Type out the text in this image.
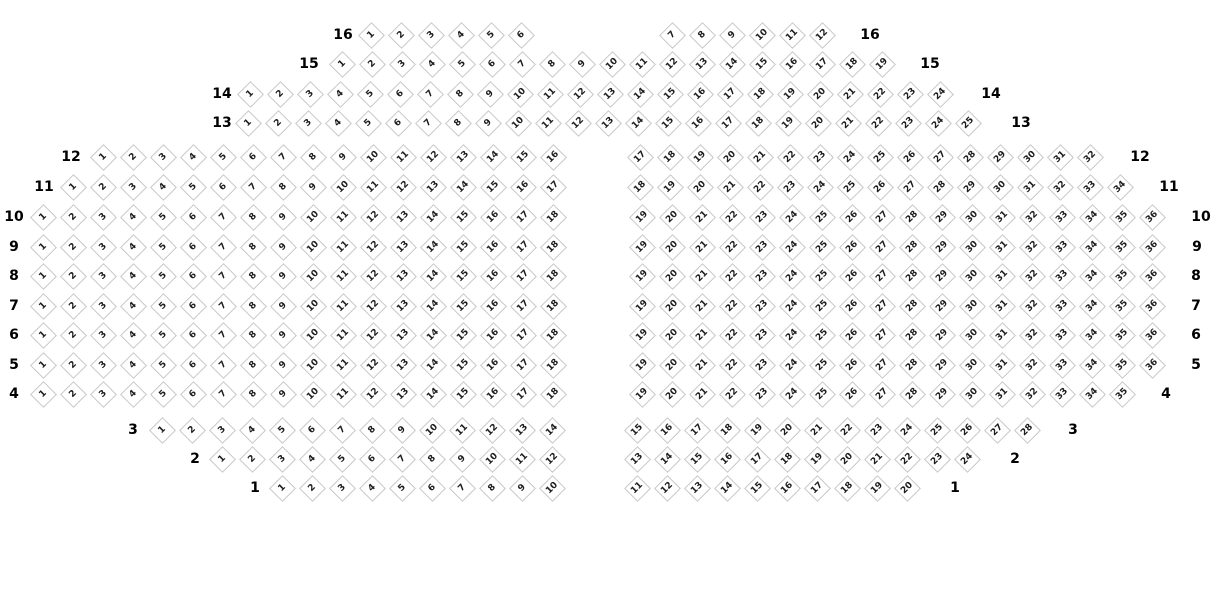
16	16
1	2	3	4	5	6	7	8	9	10	11	12
15	15
1	2	3	4	5	6	7	8	9	10	11	12	13	14	15	16	17	18	19
14	14
1	2	3	4	5	6	7	8	9	10	11	12	13	14	15	16	17	18	19	20	21	22	23	24
13	13
1	2	3	4	5	6	7	8	9	10	11	12	13	14	15	16	17	18	19	20	21	22	23	24	25
12	12
1	2	3	4	5	6	7	8	9	10	11	12	13	14	15	16	17	18	19	20	21	22	23	24	25	26	27	28	29	30	31	32
11	11
1	2	3	4	5	6	7	8	9	10	11	12	13	14	15	16	17	18	19	20	21	22	23	24	25	26	27	28	29	30	31	32	33	34
10	10
1	2	3	4	5	6	7	8	9	10	11	12	13	14	15	16	17	18	19	20	21	22	23	24	25	26	27	28	29	30	31	32	33	34	35	36
9	9
1	2	3	4	5	6	7	8	9	10	11	12	13	14	15	16	17	18	19	20	21	22	23	24	25	26	27	28	29	30	31	32	33	34	35	36
8	8
1	2	3	4	5	6	7	8	9	10	11	12	13	14	15	16	17	18	19	20	21	22	23	24	25	26	27	28	29	30	31	32	33	34	35	36
7	7
1	2	3	4	5	6	7	8	9	10	11	12	13	14	15	16	17	18	19	20	21	22	23	24	25	26	27	28	29	30	31	32	33	34	35	36
6	6
1	2	3	4	5	6	7	8	9	10	11	12	13	14	15	16	17	18	19	20	21	22	23	24	25	26	27	28	29	30	31	32	33	34	35	36
5	5
1	2	3	4	5	6	7	8	9	10	11	12	13	14	15	16	17	18	19	20	21	22	23	24	25	26	27	28	29	30	31	32	33	34	35	36
4	4
1	2	3	4	5	6	7	8	9	10	11	12	13	14	15	16	17	18	19	20	21	22	23	24	25	26	27	28	29	30	31	32	33	34	35
3	3
1	2	3	4	5	6	7	8	9	10	11	12	13	14	15	16	17	18	19	20	21	22	23	24	25	26	27	28
2	2
1	2	3	4	5	6	7	8	9	10	11	12	13	14	15	16	17	18	19	20	21	22	23	24
1	1
1	2	3	4	5	6	7	8	9	10	11	12	13	14	15	16	17	18	19	20
